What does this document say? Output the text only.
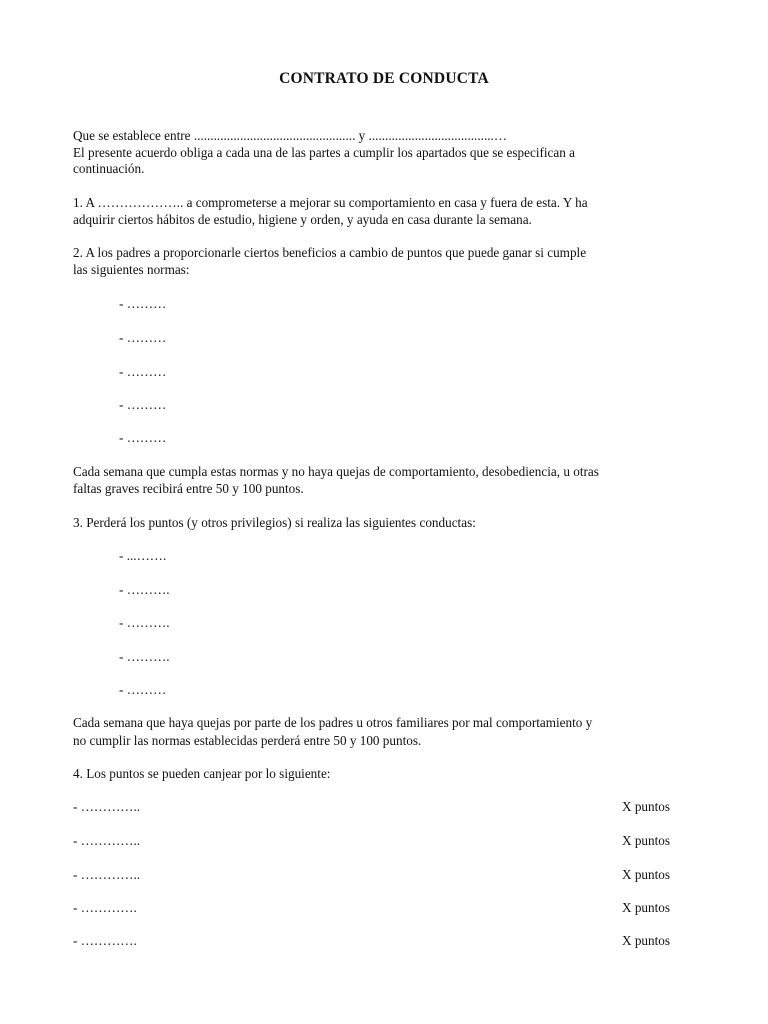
CONTRATO DE CONDUCTA
Que se establece entre ................................................. y ......................................…
El presente acuerdo obliga a cada una de las partes a cumplir los apartados que se especifican a
continuación.
1. A ……………….. a comprometerse a mejorar su comportamiento en casa y fuera de esta. Y ha
adquirir ciertos hábitos de estudio, higiene y orden, y ayuda en casa durante la semana.
2. A los padres a proporcionarle ciertos beneficios a cambio de puntos que puede ganar si cumple
las siguientes normas:
- ………
- ………
- ………
- ………
- ………
Cada semana que cumpla estas normas y no haya quejas de comportamiento, desobediencia, u otras
faltas graves recibirá entre 50 y 100 puntos.
3. Perderá los puntos (y otros privilegios) si realiza las siguientes conductas:
- ...…….
- ……….
- ……….
- ……….
- ………
Cada semana que haya quejas por parte de los padres u otros familiares por mal comportamiento y
no cumplir las normas establecidas perderá entre 50 y 100 puntos.
4. Los puntos se pueden canjear por lo siguiente:
- …………..	X puntos
- …………..	X puntos
- …………..	X puntos
- ………….	X puntos
- ………….	X puntos
